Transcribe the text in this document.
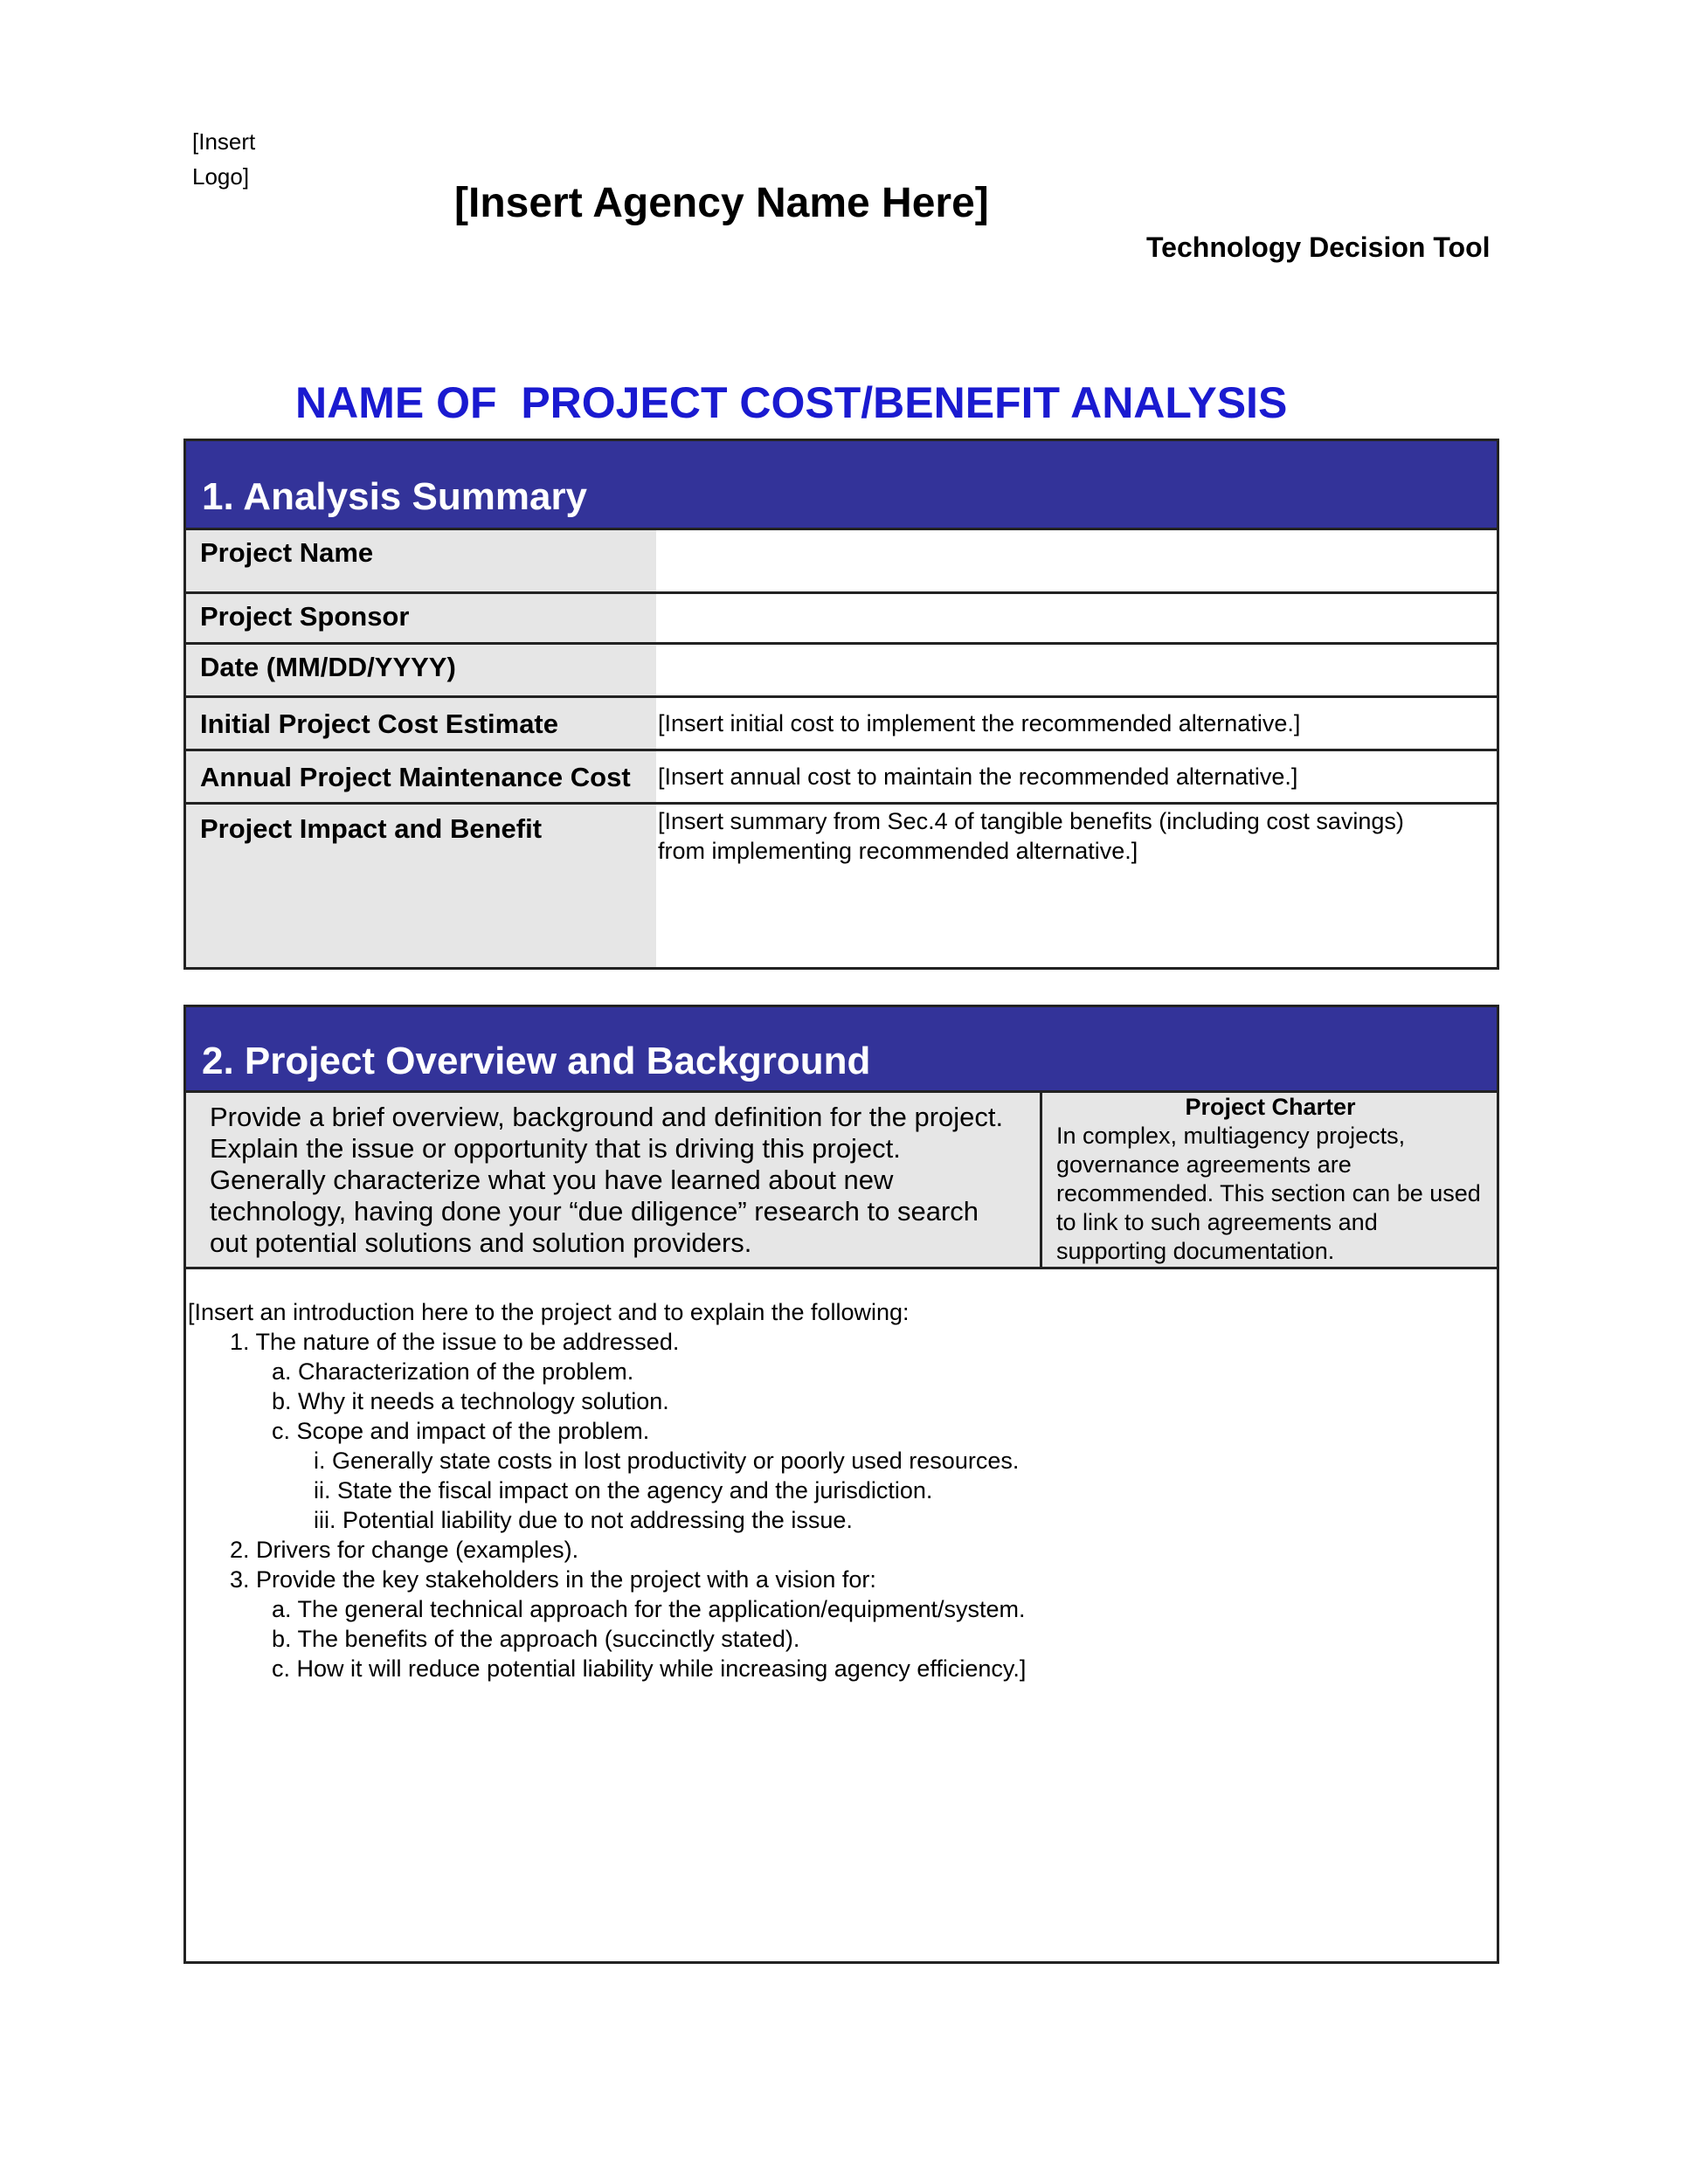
[Insert
Logo]
[Insert Agency Name Here]
Technology Decision Tool
NAME OF  PROJECT COST/BENEFIT ANALYSIS
1. Analysis Summary
Project Name
Project Sponsor
Date (MM/DD/YYYY)
Initial Project Cost Estimate	[Insert initial cost to implement the recommended alternative.]
Annual Project Maintenance Cost	[Insert annual cost to maintain the recommended alternative.]
Project Impact and Benefit	[Insert summary from Sec.4 of tangible benefits (including cost savings) from implementing recommended alternative.]
2. Project Overview and Background
Provide a brief overview, background and definition for the project. Explain the issue or opportunity that is driving this project. Generally characterize what you have learned about new technology, having done your “due diligence” research to search out potential solutions and solution providers.
Project Charter
In complex, multiagency projects, governance agreements are recommended. This section can be used to link to such agreements and supporting documentation.
[Insert an introduction here to the project and to explain the following:
1. The nature of the issue to be addressed.
a. Characterization of the problem.
b. Why it needs a technology solution.
c. Scope and impact of the problem.
i. Generally state costs in lost productivity or poorly used resources.
ii. State the fiscal impact on the agency and the jurisdiction.
iii. Potential liability due to not addressing the issue.
2. Drivers for change (examples).
3. Provide the key stakeholders in the project with a vision for:
a. The general technical approach for the application/equipment/system.
b. The benefits of the approach (succinctly stated).
c. How it will reduce potential liability while increasing agency efficiency.]
